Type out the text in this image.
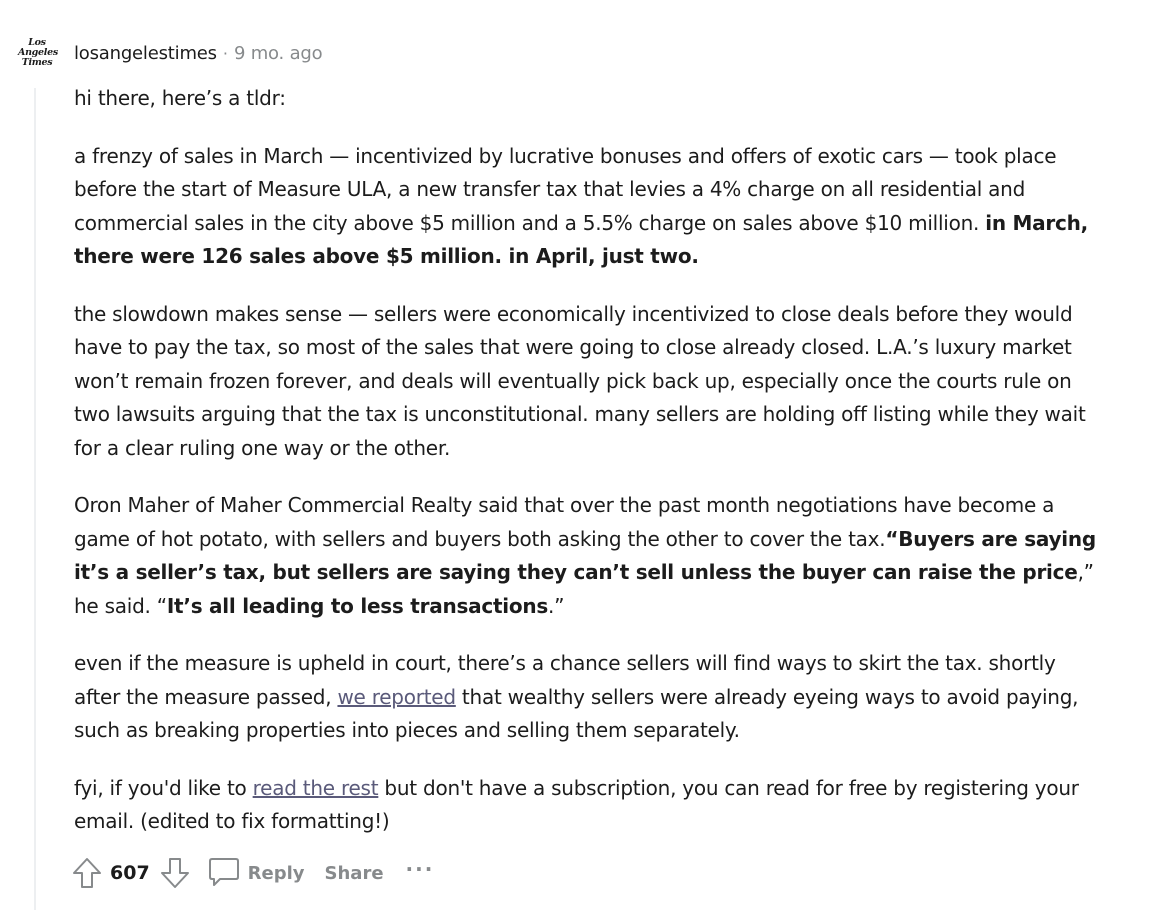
Los
Angeles
Times losangelestimes · 9 mo. ago

hi there, here’s a tldr:

a frenzy of sales in March — incentivized by lucrative bonuses and offers of exotic cars — took place before the start of Measure ULA, a new transfer tax that levies a 4% charge on all residential and commercial sales in the city above $5 million and a 5.5% charge on sales above $10 million. in March, there were 126 sales above $5 million. in April, just two.

the slowdown makes sense — sellers were economically incentivized to close deals before they would have to pay the tax, so most of the sales that were going to close already closed. L.A.’s luxury market won’t remain frozen forever, and deals will eventually pick back up, especially once the courts rule on two lawsuits arguing that the tax is unconstitutional. many sellers are holding off listing while they wait for a clear ruling one way or the other.

Oron Maher of Maher Commercial Realty said that over the past month negotiations have become a game of hot potato, with sellers and buyers both asking the other to cover the tax.“Buyers are saying it’s a seller’s tax, but sellers are saying they can’t sell unless the buyer can raise the price,” he said. “It’s all leading to less transactions.”

even if the measure is upheld in court, there’s a chance sellers will find ways to skirt the tax. shortly after the measure passed, we reported that wealthy sellers were already eyeing ways to avoid paying, such as breaking properties into pieces and selling them separately.

fyi, if you'd like to read the rest but don't have a subscription, you can read for free by registering your email. (edited to fix formatting!)

607	Reply Share ···
